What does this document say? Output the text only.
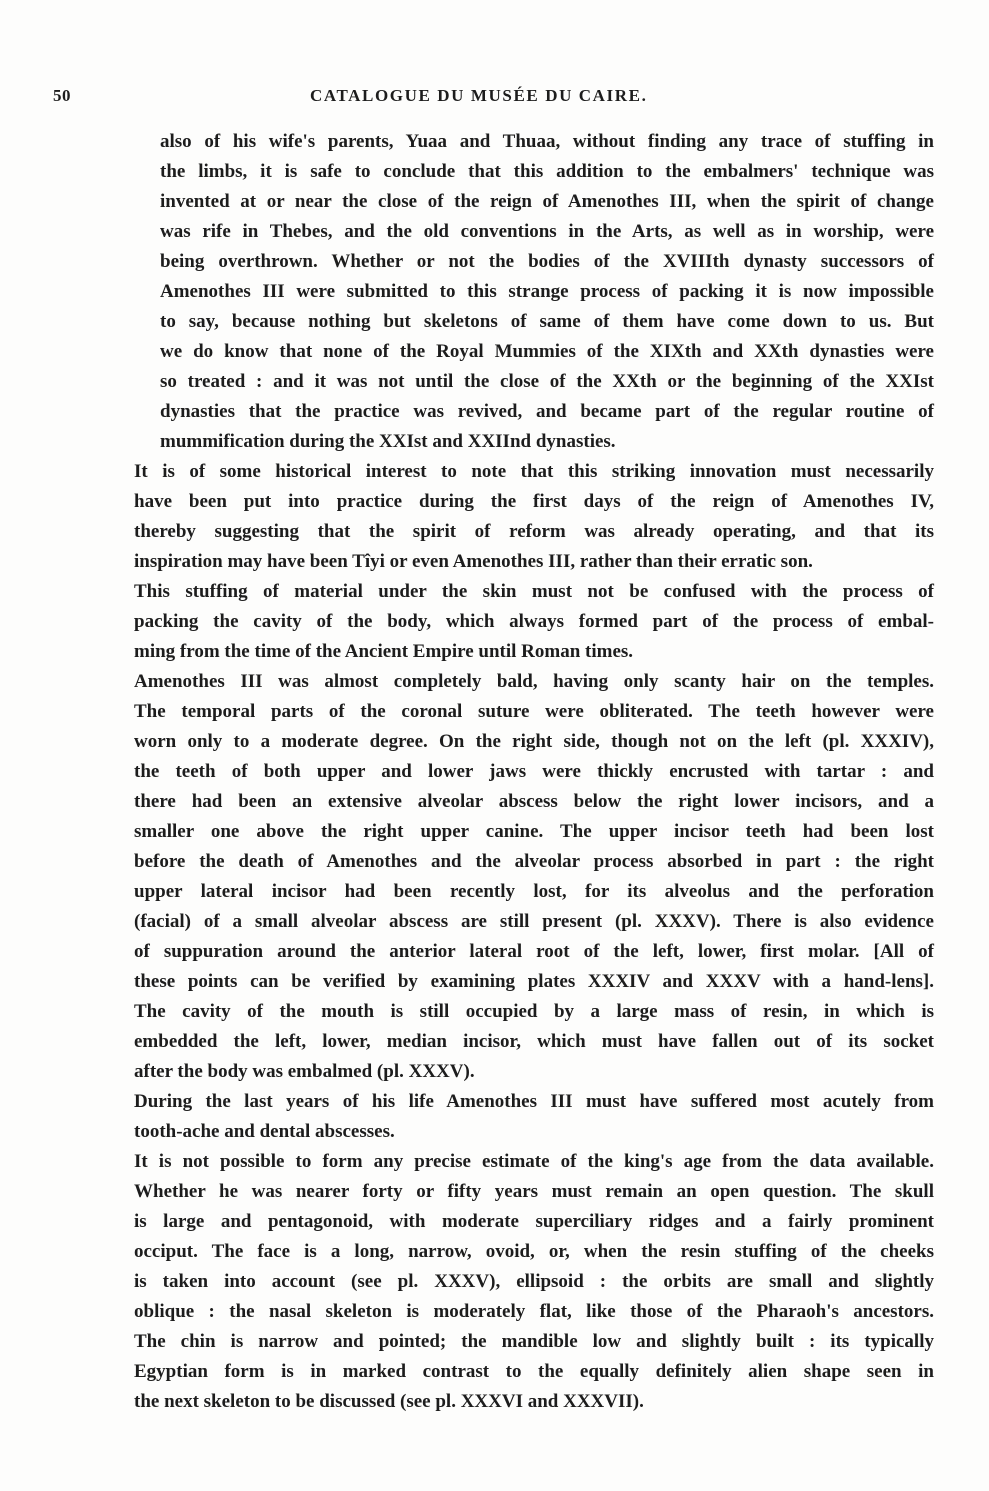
50	CATALOGUE DU MUSÉE DU CAIRE.

also of his wife's parents, Yuaa and Thuaa, without finding any trace of stuffing in
the limbs, it is safe to conclude that this addition to the embalmers' technique was
invented at or near the close of the reign of Amenothes III, when the spirit of change
was rife in Thebes, and the old conventions in the Arts, as well as in worship, were
being overthrown. Whether or not the bodies of the XVIIIth dynasty successors of
Amenothes III were submitted to this strange process of packing it is now impossible
to say, because nothing but skeletons of same of them have come down to us. But
we do know that none of the Royal Mummies of the XIXth and XXth dynasties were
so treated : and it was not until the close of the XXth or the beginning of the XXIst
dynasties that the practice was revived, and became part of the regular routine of
mummification during the XXIst and XXIInd dynasties.

It is of some historical interest to note that this striking innovation must necessarily
have been put into practice during the first days of the reign of Amenothes IV,
thereby suggesting that the spirit of reform was already operating, and that its
inspiration may have been Tîyi or even Amenothes III, rather than their erratic son.

This stuffing of material under the skin must not be confused with the process of
packing the cavity of the body, which always formed part of the process of embal-
ming from the time of the Ancient Empire until Roman times.

Amenothes III was almost completely bald, having only scanty hair on the temples.
The temporal parts of the coronal suture were obliterated. The teeth however were
worn only to a moderate degree. On the right side, though not on the left (pl. XXXIV),
the teeth of both upper and lower jaws were thickly encrusted with tartar : and
there had been an extensive alveolar abscess below the right lower incisors, and a
smaller one above the right upper canine. The upper incisor teeth had been lost
before the death of Amenothes and the alveolar process absorbed in part : the right
upper lateral incisor had been recently lost, for its alveolus and the perforation
(facial) of a small alveolar abscess are still present (pl. XXXV). There is also evidence
of suppuration around the anterior lateral root of the left, lower, first molar. [All of
these points can be verified by examining plates XXXIV and XXXV with a hand-lens].
The cavity of the mouth is still occupied by a large mass of resin, in which is
embedded the left, lower, median incisor, which must have fallen out of its socket
after the body was embalmed (pl. XXXV).

During the last years of his life Amenothes III must have suffered most acutely from
tooth-ache and dental abscesses.

It is not possible to form any precise estimate of the king's age from the data available.
Whether he was nearer forty or fifty years must remain an open question. The skull
is large and pentagonoid, with moderate superciliary ridges and a fairly prominent
occiput. The face is a long, narrow, ovoid, or, when the resin stuffing of the cheeks
is taken into account (see pl. XXXV), ellipsoid : the orbits are small and slightly
oblique : the nasal skeleton is moderately flat, like those of the Pharaoh's ancestors.
The chin is narrow and pointed; the mandible low and slightly built : its typically
Egyptian form is in marked contrast to the equally definitely alien shape seen in
the next skeleton to be discussed (see pl. XXXVI and XXXVII).
